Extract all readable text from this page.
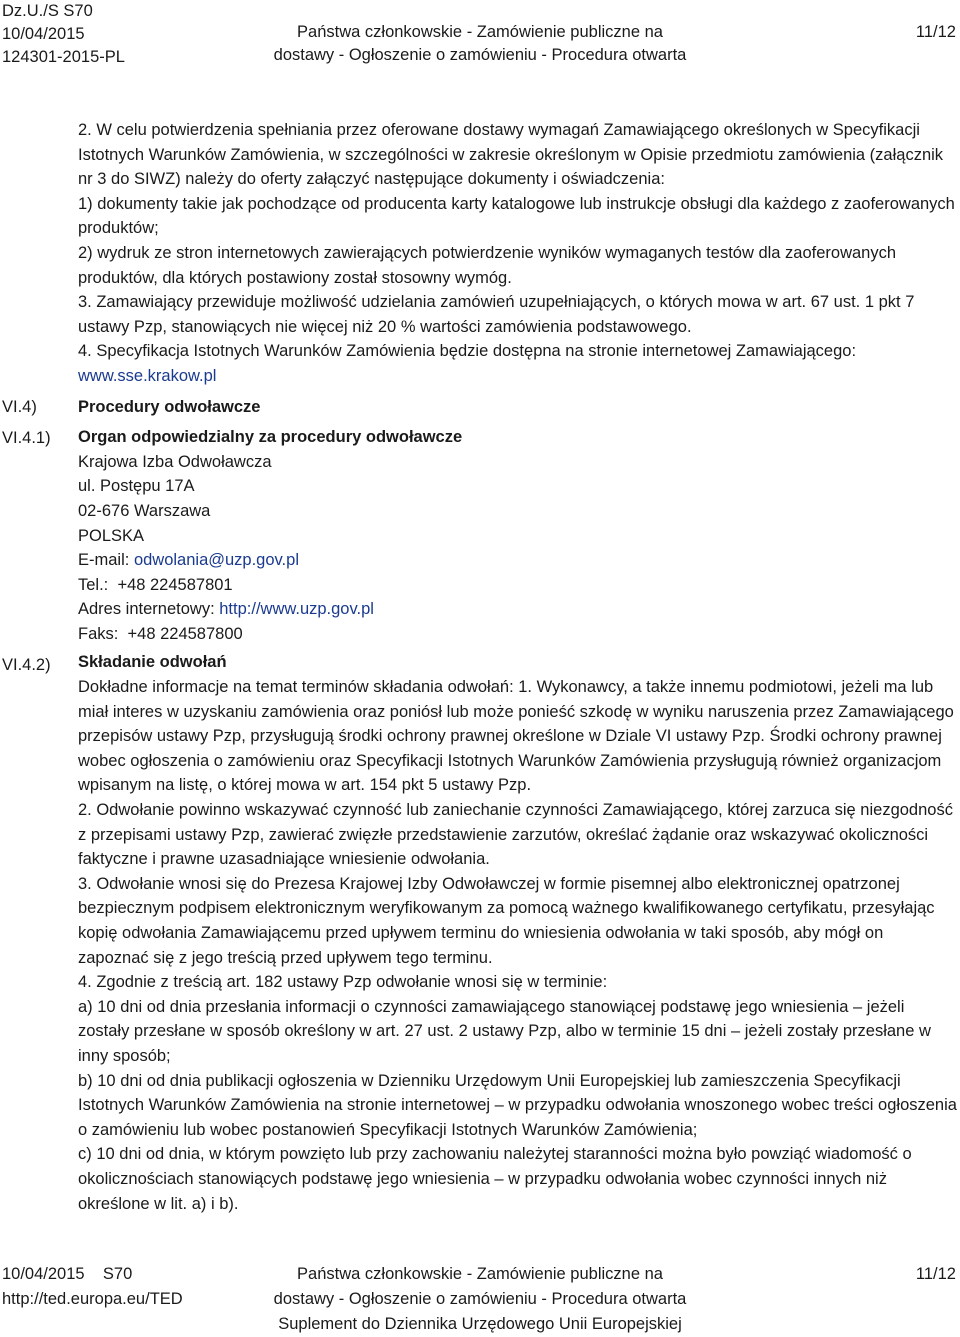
Dz.U./S S70
10/04/2015
124301-2015-PL
Państwa członkowskie - Zamówienie publiczne na
dostawy - Ogłoszenie o zamówieniu - Procedura otwarta
11/12
VI.4)
VI.4.1)
VI.4.2)

2. W celu potwierdzenia spełniania przez oferowane dostawy wymagań Zamawiającego określonych w Specyfikacji Istotnych Warunków Zamówienia, w szczególności w zakresie określonym w Opisie przedmiotu zamówienia (załącznik nr 3 do SIWZ) należy do oferty załączyć następujące dokumenty i oświadczenia:

1) dokumenty takie jak pochodzące od producenta karty katalogowe lub instrukcje obsługi dla każdego z zaoferowanych produktów;

2) wydruk ze stron internetowych zawierających potwierdzenie wyników wymaganych testów dla zaoferowanych produktów, dla których postawiony został stosowny wymóg.

3. Zamawiający przewiduje możliwość udzielania zamówień uzupełniających, o których mowa w art. 67 ust. 1 pkt 7 ustawy Pzp, stanowiących nie więcej niż 20 % wartości zamówienia podstawowego.

4. Specyfikacja Istotnych Warunków Zamówienia będzie dostępna na stronie internetowej Zamawiającego: www.sse.krakow.pl

Procedury odwoławcze

Organ odpowiedzialny za procedury odwoławcze

Krajowa Izba Odwoławcza

ul. Postępu 17A

02-676 Warszawa

POLSKA

E-mail: odwolania@uzp.gov.pl

Tel.: +48 224587801

Adres internetowy: http://www.uzp.gov.pl

Faks: +48 224587800

Składanie odwołań

Dokładne informacje na temat terminów składania odwołań: 1. Wykonawcy, a także innemu podmiotowi, jeżeli ma lub miał interes w uzyskaniu zamówienia oraz poniósł lub może ponieść szkodę w wyniku naruszenia przez Zamawiającego przepisów ustawy Pzp, przysługują środki ochrony prawnej określone w Dziale VI ustawy Pzp. Środki ochrony prawnej wobec ogłoszenia o zamówieniu oraz Specyfikacji Istotnych Warunków Zamówienia przysługują również organizacjom wpisanym na listę, o której mowa w art. 154 pkt 5 ustawy Pzp.

2. Odwołanie powinno wskazywać czynność lub zaniechanie czynności Zamawiającego, której zarzuca się niezgodność z przepisami ustawy Pzp, zawierać zwięzłe przedstawienie zarzutów, określać żądanie oraz wskazywać okoliczności faktyczne i prawne uzasadniające wniesienie odwołania.

3. Odwołanie wnosi się do Prezesa Krajowej Izby Odwoławczej w formie pisemnej albo elektronicznej opatrzonej bezpiecznym podpisem elektronicznym weryfikowanym za pomocą ważnego kwalifikowanego certyfikatu, przesyłając kopię odwołania Zamawiającemu przed upływem terminu do wniesienia odwołania w taki sposób, aby mógł on zapoznać się z jego treścią przed upływem tego terminu.

4. Zgodnie z treścią art. 182 ustawy Pzp odwołanie wnosi się w terminie:

a) 10 dni od dnia przesłania informacji o czynności zamawiającego stanowiącej podstawę jego wniesienia – jeżeli zostały przesłane w sposób określony w art. 27 ust. 2 ustawy Pzp, albo w terminie 15 dni – jeżeli zostały przesłane w inny sposób;

b) 10 dni od dnia publikacji ogłoszenia w Dzienniku Urzędowym Unii Europejskiej lub zamieszczenia Specyfikacji Istotnych Warunków Zamówienia na stronie internetowej – w przypadku odwołania wnoszonego wobec treści ogłoszenia o zamówieniu lub wobec postanowień Specyfikacji Istotnych Warunków Zamówienia;

c) 10 dni od dnia, w którym powzięto lub przy zachowaniu należytej staranności można było powziąć wiadomość o okolicznościach stanowiących podstawę jego wniesienia – w przypadku odwołania wobec czynności innych niż określone w lit. a) i b).

10/04/2015    S70
http://ted.europa.eu/TED
Państwa członkowskie - Zamówienie publiczne na
dostawy - Ogłoszenie o zamówieniu - Procedura otwarta
Suplement do Dziennika Urzędowego Unii Europejskiej
11/12
